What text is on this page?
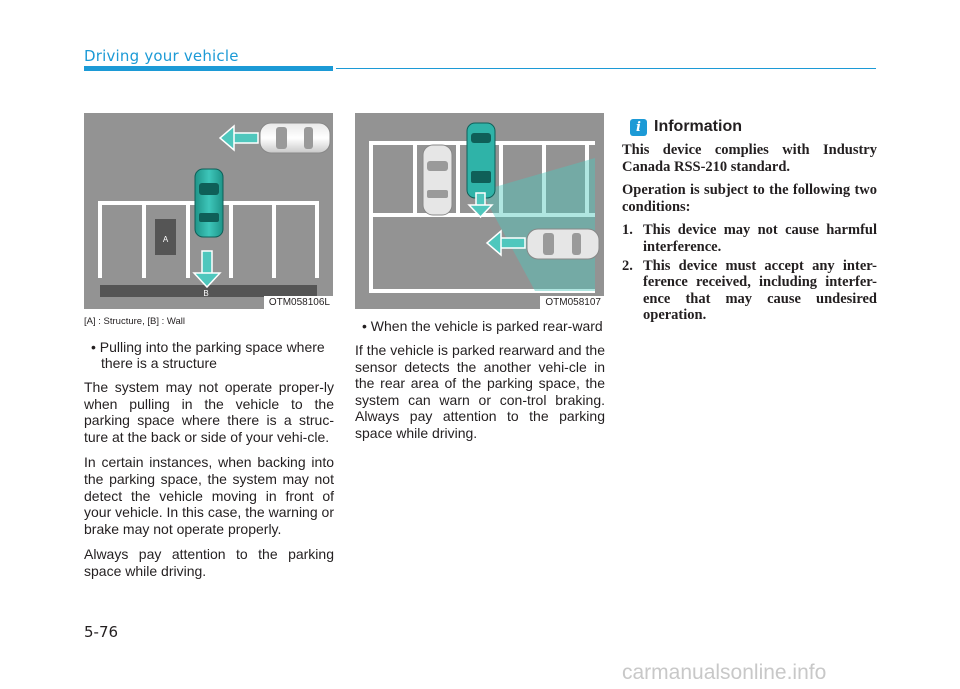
Driving your vehicle
A
B
OTM058106L	OTM058107

[A] : Structure, [B] : Wall

• Pulling into the parking space where there is a structure

The system may not operate proper-ly when pulling in the vehicle to the parking space where there is a struc-ture at the back or side of your vehi-cle.

In certain instances, when backing into the parking space, the system may not detect the vehicle moving in front of your vehicle. In this case, the warning or brake may not operate properly.

Always pay attention to the parking space while driving.

• When the vehicle is parked rear-ward

If the vehicle is parked rearward and the sensor detects the another vehi-cle in the rear area of the parking space, the system can warn or con-trol braking. Always pay attention to the parking space while driving.

i Information

This device complies with Industry Canada RSS-210 standard.

Operation is subject to the following two conditions:

1. This device may not cause harmful interference.
2. This device must accept any inter-ference received, including interfer-ence that may cause undesired operation.
5-76
carmanualsonline.info
